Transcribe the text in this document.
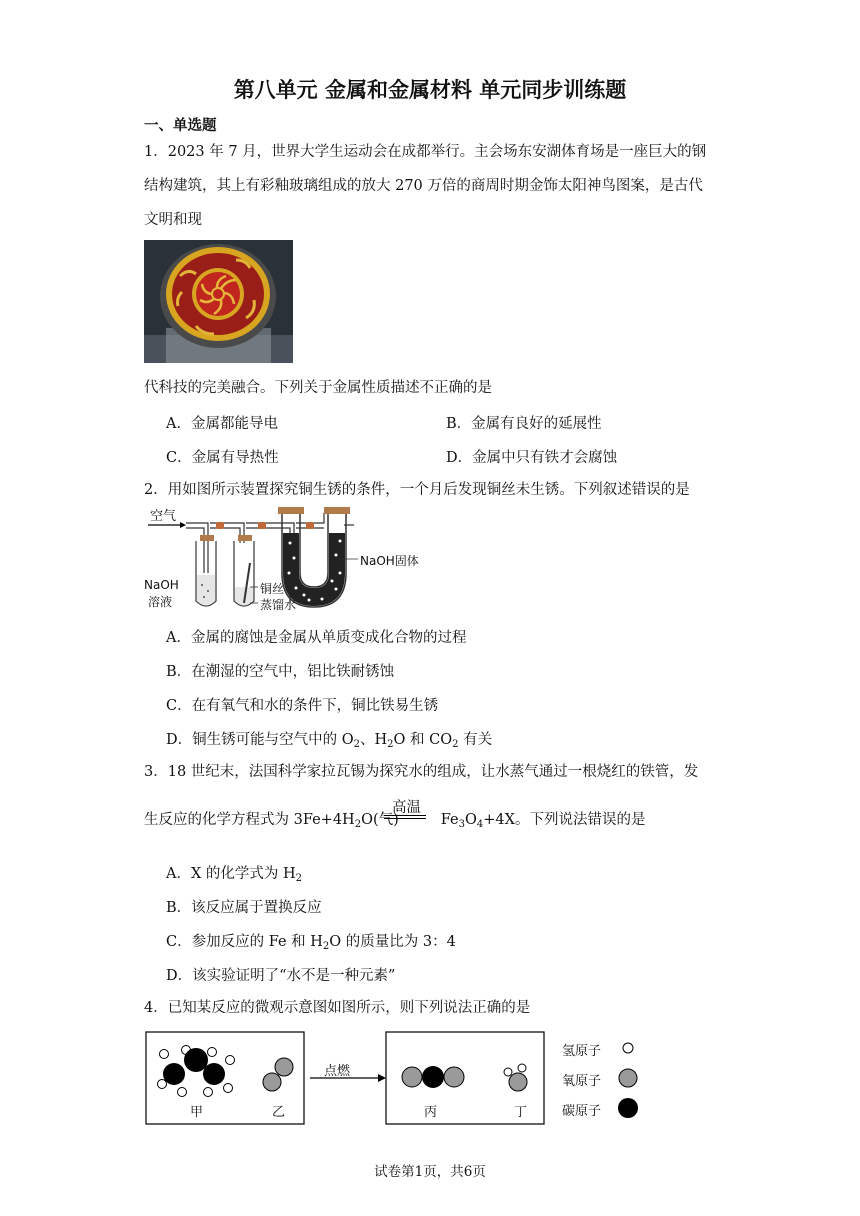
第八单元 金属和金属材料 单元同步训练题
一、单选题
1．2023 年 7 月，世界大学生运动会在成都举行。主会场东安湖体育场是一座巨大的钢
结构建筑，其上有彩釉玻璃组成的放大 270 万倍的商周时期金饰太阳神鸟图案，是古代
文明和现
代科技的完美融合。下列关于金属性质描述不正确的是
A．金属都能导电	B．金属有良好的延展性
C．金属有导热性	D．金属中只有铁才会腐蚀
2．用如图所示装置探究铜生锈的条件，一个月后发现铜丝未生锈。下列叙述错误的是
空气
NaOH
溶液
铜丝
蒸馏水
NaOH固体
A．金属的腐蚀是金属从单质变成化合物的过程
B．在潮湿的空气中，铝比铁耐锈蚀
C．在有氧气和水的条件下，铜比铁易生锈
D．铜生锈可能与空气中的 $O_2$、$H_2O$ 和 $CO_2$ 有关
3．18 世纪末，法国科学家拉瓦锡为探究水的组成，让水蒸气通过一根烧红的铁管，发
高温
生反应的化学方程式为 $3Fe+4H_2O$(气)	$Fe_3O_4+4X$。下列说法错误的是
A．X 的化学式为 $H_2$
B．该反应属于置换反应
C．参加反应的 Fe 和 $H_2O$ 的质量比为 3：4
D．该实验证明了“水不是一种元素”
4．已知某反应的微观示意图如图所示，则下列说法正确的是
点燃
甲	乙	丙	丁
氢原子
氧原子
碳原子
试卷第1页，共6页
